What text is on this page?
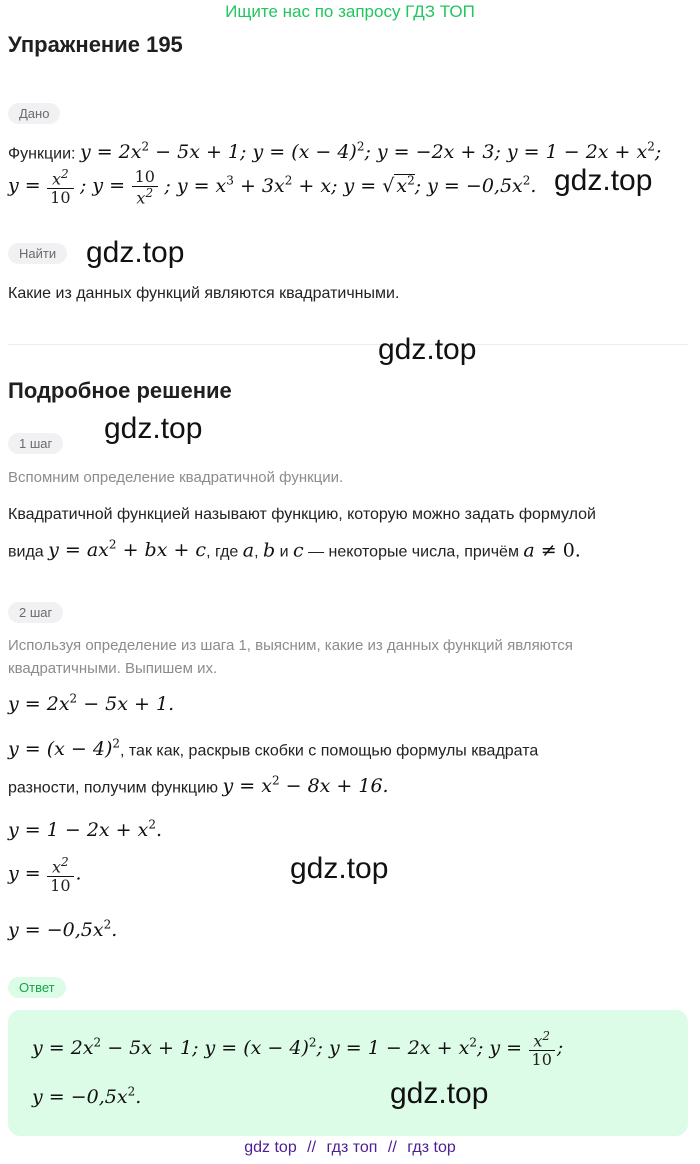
Ищите нас по запросу ГДЗ ТОП
Упражнение 195
Дано
Функции: $y = 2x^2 - 5x + 1$; $y = (x - 4)^2$; y = −2x + 3; $y = 1 - 2x + x^2$;
$y = \frac{x^2}{10}$ ; $y = \frac{10}{x^2}$ ; $y = x^3 + 3x^2 + x$; y = √ $x^2$; $y = -0,5x^2$. gdz.top
Найти gdz.top
Какие из данных функций являются квадратичными.
gdz.top
Подробное решение
1 шаг	gdz.top
Вспомним определение квадратичной функции.
Квадратичной функцией называют функцию, которую можно задать формулой
вида $y = ax^2$ + bx + c, где a, b и c — некоторые числа, причём a ≠ 0.
2 шаг
Используя определение из шага 1, выясним, какие из данных функций являются
квадратичными. Выпишем их.
$y = 2x^2 - 5x + 1$.
$y = (x - 4)^2$, так как, раскрыв скобки с помощью формулы квадрата
разности, получим функцию $y = x^2 - 8x + 16$.
$y = 1 - 2x + x^2$.
$y = \frac{x^2}{10}$ .	gdz.top
$y = -0,5x^2$.
Ответ
$y = 2x^2 - 5x + 1$; $y = (x - 4)^2$; $y = 1 - 2x + x^2$; $y = \frac{x^2}{10}$ ;
$y = -0,5x^2$.	gdz.top
gdz top // гдз топ // гдз top
